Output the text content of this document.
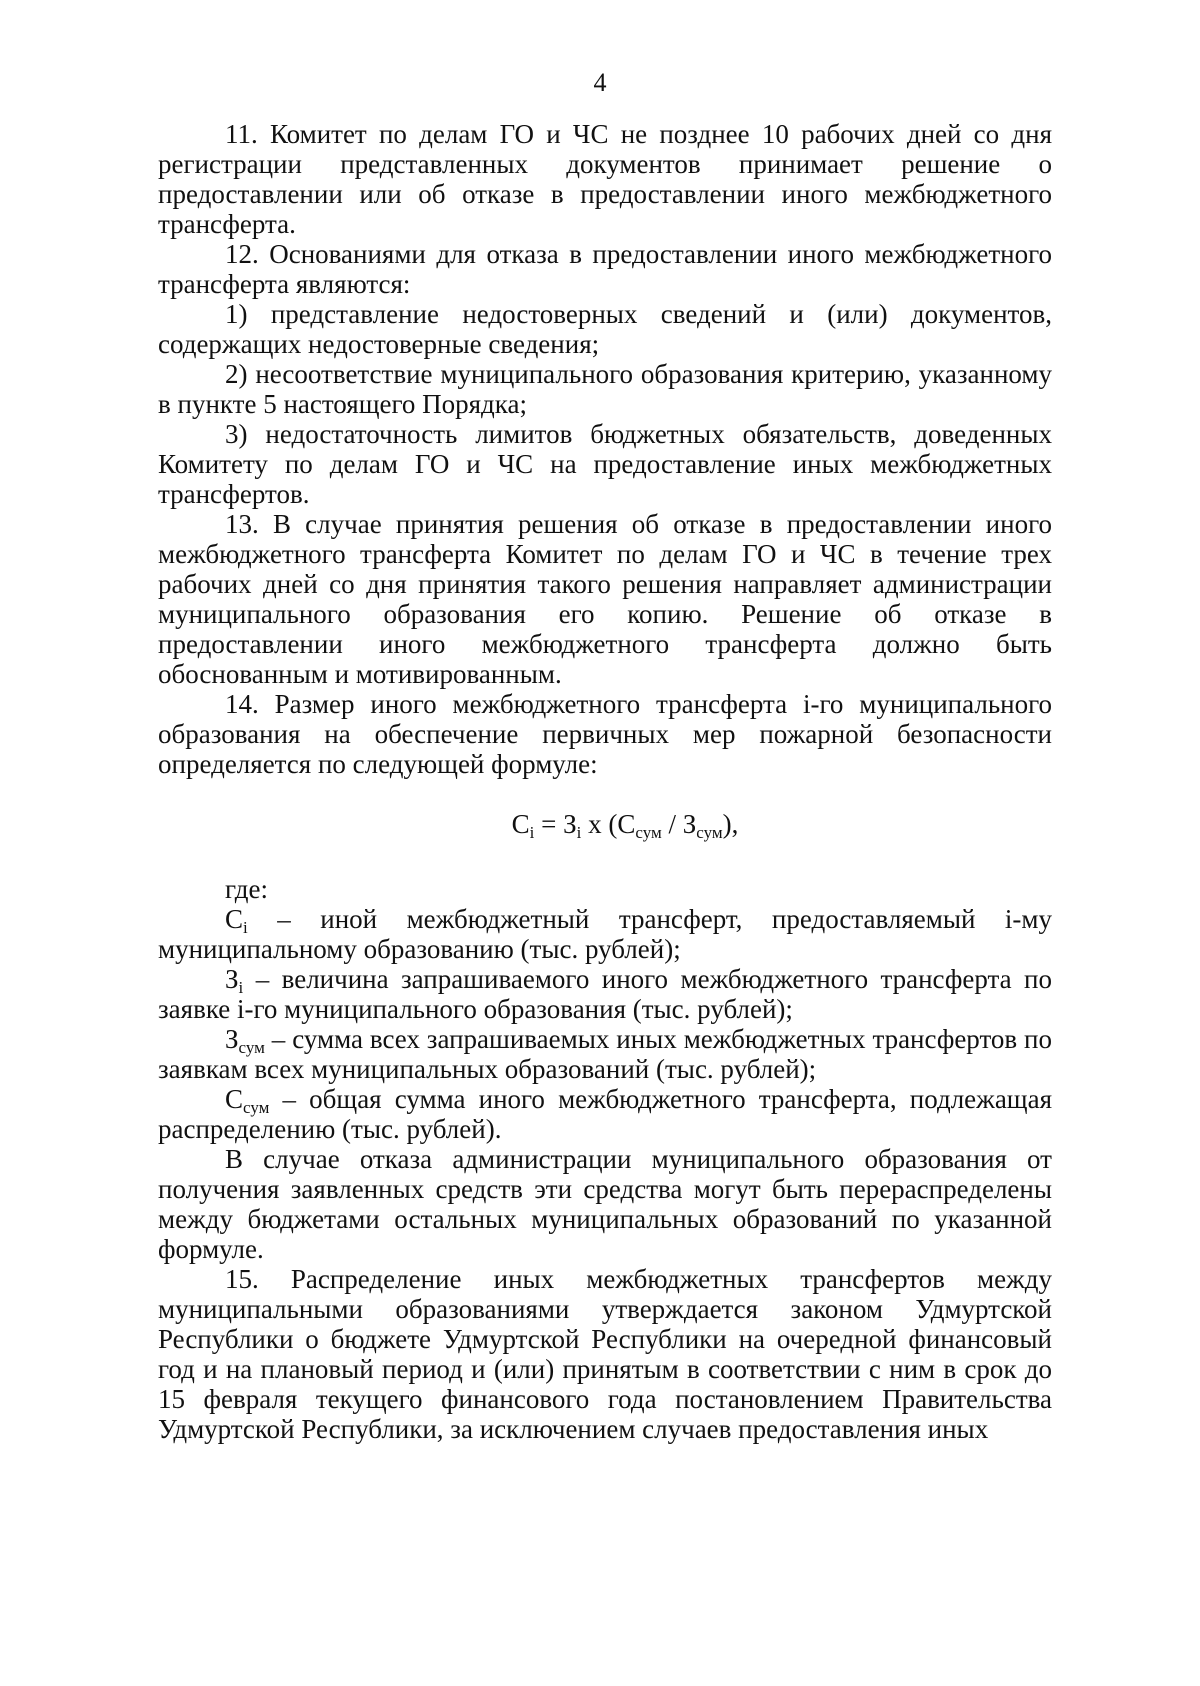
4

11. Комитет по делам ГО и ЧС не позднее 10 рабочих дней со дня регистрации представленных документов принимает решение о предоставлении или об отказе в предоставлении иного межбюджетного трансферта.

12. Основаниями для отказа в предоставлении иного межбюджетного трансферта являются:

1) представление недостоверных сведений и (или) документов, содержащих недостоверные сведения;

2) несоответствие муниципального образования критерию, указанному в пункте 5 настоящего Порядка;

3) недостаточность лимитов бюджетных обязательств, доведенных Комитету по делам ГО и ЧС на предоставление иных межбюджетных трансфертов.

13. В случае принятия решения об отказе в предоставлении иного межбюджетного трансферта Комитет по делам ГО и ЧС в течение трех рабочих дней со дня принятия такого решения направляет администрации муниципального образования его копию. Решение об отказе в предоставлении иного межбюджетного трансферта должно быть обоснованным и мотивированным.

14. Размер иного межбюджетного трансферта i-го муниципального образования на обеспечение первичных мер пожарной безопасности определяется по следующей формуле:

$C_i = З_i$ x $(C_{сум} / З_{сум})$,

где:

$C_i$ – иной межбюджетный трансферт, предоставляемый i-му муниципальному образованию (тыс. рублей);

$З_i$ – величина запрашиваемого иного межбюджетного трансферта по заявке i-го муниципального образования (тыс. рублей);

$З_{сум}$ – сумма всех запрашиваемых иных межбюджетных трансфертов по заявкам всех муниципальных образований (тыс. рублей);

$C_{сум}$ – общая сумма иного межбюджетного трансферта, подлежащая распределению (тыс. рублей).

В случае отказа администрации муниципального образования от получения заявленных средств эти средства могут быть перераспределены между бюджетами остальных муниципальных образований по указанной формуле.

15. Распределение иных межбюджетных трансфертов между муниципальными образованиями утверждается законом Удмуртской Республики о бюджете Удмуртской Республики на очередной финансовый год и на плановый период и (или) принятым в соответствии с ним в срок до 15 февраля текущего финансового года постановлением Правительства Удмуртской Республики, за исключением случаев предоставления иных
